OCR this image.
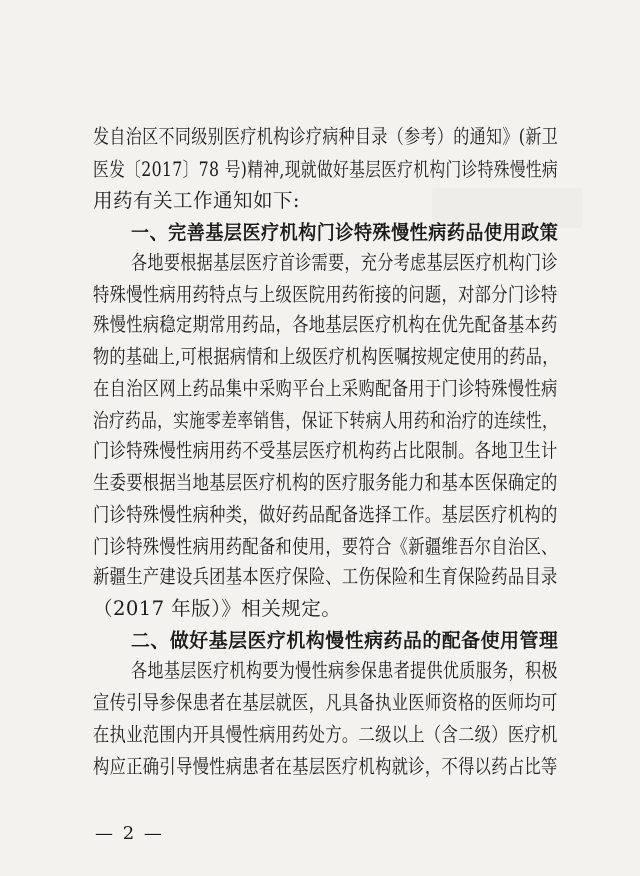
发自治区不同级别医疗机构诊疗病种目录（参考）的通知》(新卫
医发〔2017〕78 号)精神,现就做好基层医疗机构门诊特殊慢性病
用药有关工作通知如下:
一、完善基层医疗机构门诊特殊慢性病药品使用政策
各地要根据基层医疗首诊需要，充分考虑基层医疗机构门诊
特殊慢性病用药特点与上级医院用药衔接的问题，对部分门诊特
殊慢性病稳定期常用药品，各地基层医疗机构在优先配备基本药
物的基础上,可根据病情和上级医疗机构医嘱按规定使用的药品，
在自治区网上药品集中采购平台上采购配备用于门诊特殊慢性病
治疗药品，实施零差率销售，保证下转病人用药和治疗的连续性，
门诊特殊慢性病用药不受基层医疗机构药占比限制。各地卫生计
生委要根据当地基层医疗机构的医疗服务能力和基本医保确定的
门诊特殊慢性病种类，做好药品配备选择工作。基层医疗机构的
门诊特殊慢性病用药配备和使用，要符合《新疆维吾尔自治区、
新疆生产建设兵团基本医疗保险、工伤保险和生育保险药品目录
（2017 年版）》相关规定。
二、做好基层医疗机构慢性病药品的配备使用管理
各地基层医疗机构要为慢性病参保患者提供优质服务，积极
宣传引导参保患者在基层就医，凡具备执业医师资格的医师均可
在执业范围内开具慢性病用药处方。二级以上（含二级）医疗机
构应正确引导慢性病患者在基层医疗机构就诊，不得以药占比等
— 2 —
